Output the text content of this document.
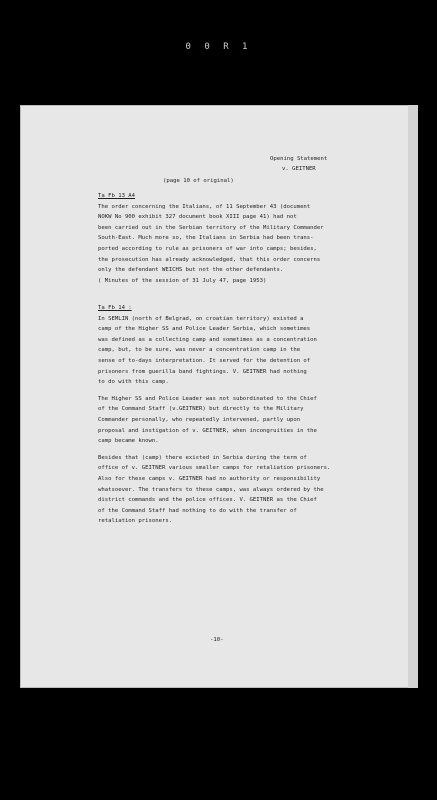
0 0 R 1
Opening Statement
v. GEITNER
(page 10 of original)
Ta Fb 13 A4
The order concerning the Italians, of 11 September 43 (document
NOKW No 900 exhibit 327 document book XIII page 41) had not
been carried out in the Serbian territory of the Military Commander
South-East. Much more so, the Italians in Serbia had been trans-
ported according to rule as prisoners of war into camps; besides,
the prosecution has already acknowledged, that this order concerns
only the defendant WEICHS but not the other defendants.
( Minutes of the session of 31 July 47, page 1953)
Ta Fb 14 :
In SEMLIN (north of Belgrad, on croatian territory) existed a
camp of the Higher SS and Police Leader Serbia, which sometimes
was defined as a collecting camp and sometimes as a concentration
camp, but, to be sure, was never a concentration camp in the
sense of to-days interpretation. It served for the detention of
prisoners from guerilla band fightings. V. GEITNER had nothing
to do with this camp.
The Higher SS and Police Leader was not subordinated to the Chief
of the Command Staff (v.GEITNER) but directly to the Military
Commander personally, who repeatedly intervened, partly upon
proposal and instigation of v. GEITNER, when incongruities in the
camp became known.
Besides that (camp) there existed in Serbia during the term of
office of v. GEITNER various smaller camps for retaliation prisoners.
Also for these camps v. GEITNER had no authority or responsibility
whatsoever. The transfers to these camps, was always ordered by the
district commands and the police offices. V. GEITNER as the Chief
of the Command Staff had nothing to do with the transfer of
retaliation prisoners.
-10-
